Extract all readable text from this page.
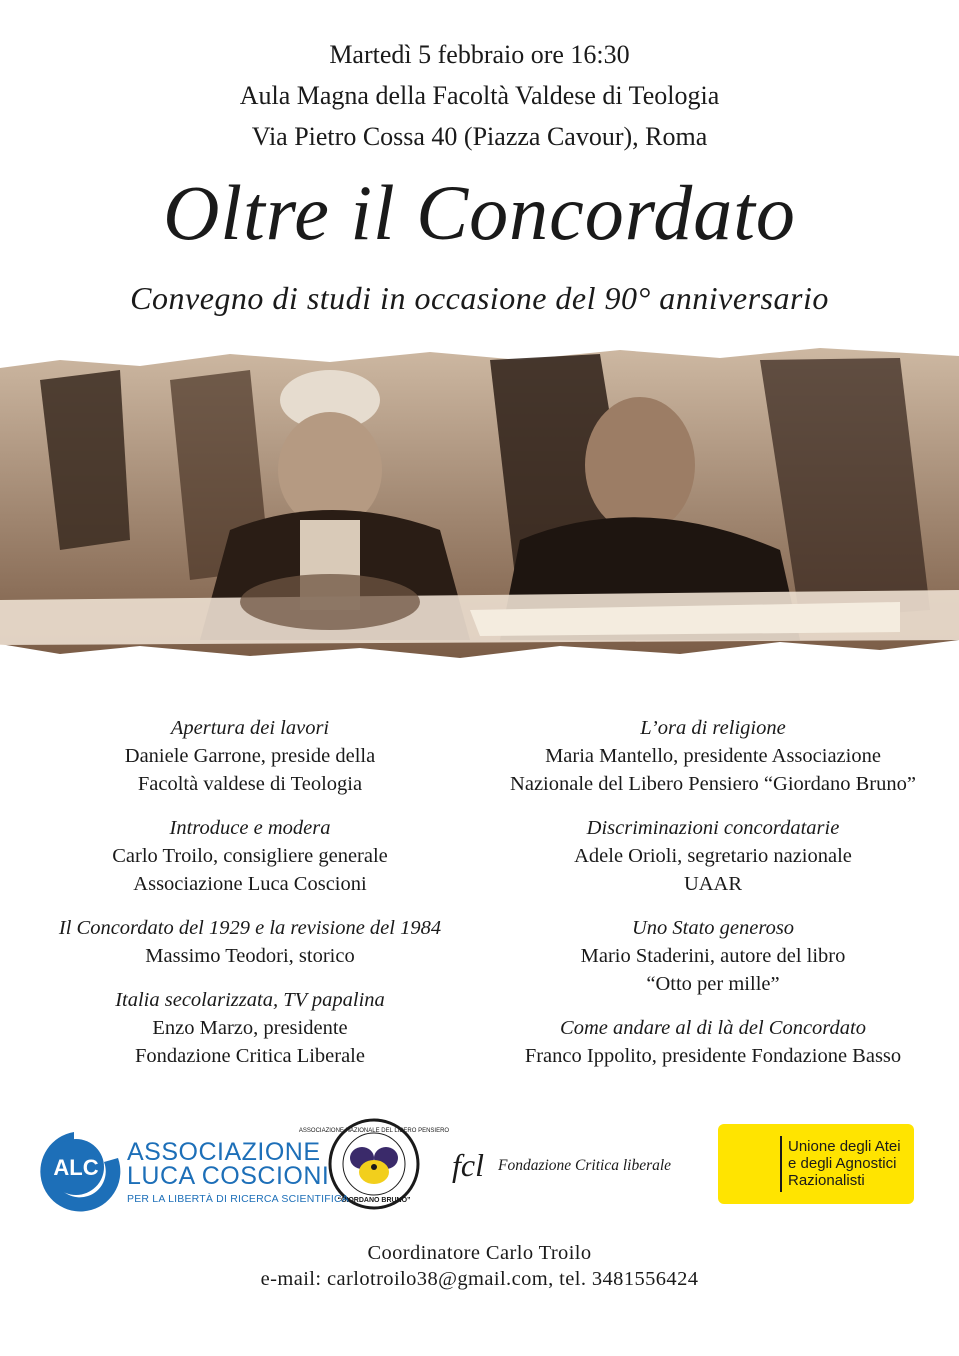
Martedì 5 febbraio ore 16:30
Aula Magna della Facoltà Valdese di Teologia
Via Pietro Cossa 40 (Piazza Cavour), Roma
Oltre il Concordato
Convegno di studi in occasione del 90° anniversario
Apertura dei lavori
Daniele Garrone, preside della
Facoltà valdese di Teologia
Introduce e modera
Carlo Troilo, consigliere generale
Associazione Luca Coscioni
Il Concordato del 1929 e la revisione del 1984
Massimo Teodori, storico
Italia secolarizzata, TV papalina
Enzo Marzo, presidente
Fondazione Critica Liberale
L’ora di religione
Maria Mantello, presidente Associazione
Nazionale del Libero Pensiero “Giordano Bruno”
Discriminazioni concordatarie
Adele Orioli, segretario nazionale
UAAR
Uno Stato generoso
Mario Staderini, autore del libro
“Otto per mille”
Come andare al di là del Concordato
Franco Ippolito, presidente Fondazione Basso
ALC
ASSOCIAZIONE NAZIONALE DEL LIBERO PENSIERO
“GIORDANO BRUNO”
ASSOCIAZIONE
LUCA COSCIONI
PER LA LIBERTÀ DI RICERCA SCIENTIFICA
fcl Fondazione Critica liberale
Unione degli Atei
e degli Agnostici
Razionalisti
Coordinatore Carlo Troilo
e-mail: carlotroilo38@gmail.com, tel. 3481556424
